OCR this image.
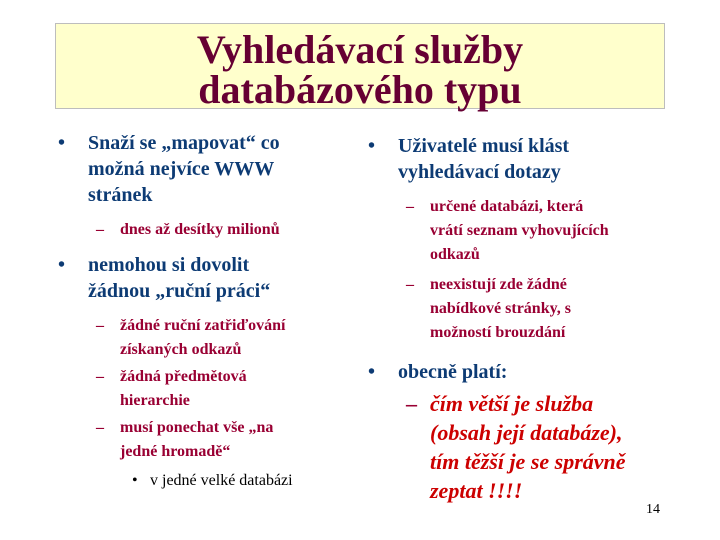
Vyhledávací služby
databázového typu
• Snaží se „mapovat“ co
možná nejvíce WWW
stránek
– dnes až desítky milionů
• nemohou si dovolit
žádnou „ruční práci“
– žádné ruční zatřiďování
získaných odkazů
– žádná předmětová
hierarchie
– musí ponechat vše „na
jedné hromadě“
• v jedné velké databázi
• Uživatelé musí klást
vyhledávací dotazy
– určené databázi, která
vrátí seznam vyhovujících
odkazů
– neexistují zde žádné
nabídkové stránky, s
možností brouzdání
• obecně platí:
– čím větší je služba
(obsah její databáze),
tím těžší je se správně
zeptat !!!!
14
